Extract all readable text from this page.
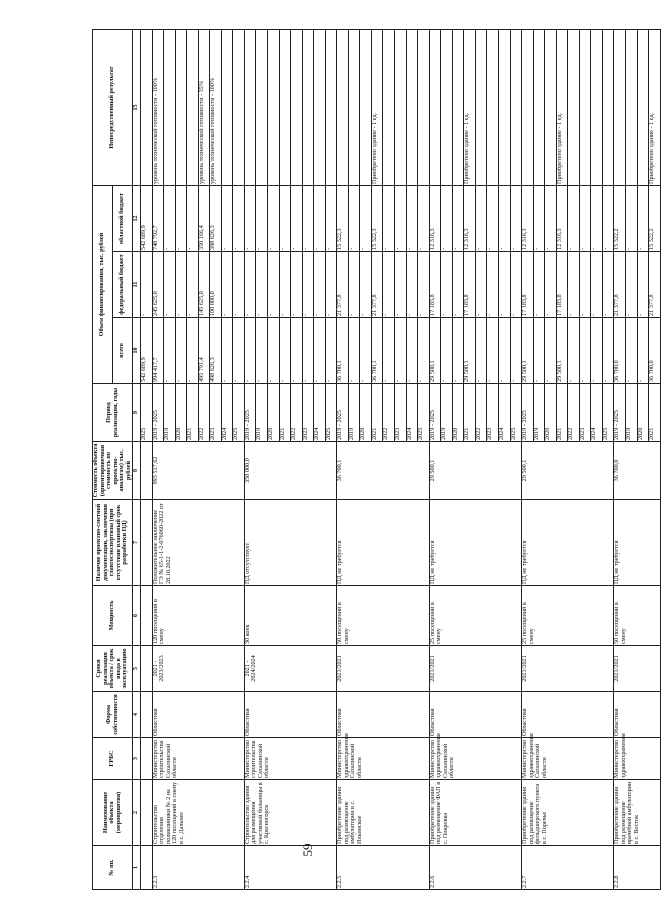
59
№ пп.	Наименование объекта (мероприятия)	ГРБС	Форма собственности	Сроки реализации объекта / срок ввода в эксплуатацию	Мощность	Наличие проектно-сметной документации, заключения главгосэкспертизы (при отсутствии плановый срок разработки ПД)	Стоимость объекта (ориентировочная стоимость по проектно-аналогам) тыс. рублей	Период реализации, годы	Объем финансирования, тыс. рублей			Непосредственный результат
									всего	федеральный бюджет	областной бюджет	
1	2	3	4	5	6	7	8	9	10	11	12	15
								2025	542 689,9	-	542 689,9	
2.2.3	Строительство отделения поликлиники № 2 на 120 посещений в смену в с. Дальнее	Министерство строительства Сахалинской области	Областная	2021 - 2023/2023	120 посещений в смену	Положительное заключение ГЭ № 65-1-1-2-076060-2022 от 28.10.2022	993 517,62	2019 - 2025	994 417,7	245 625,0	748 792,7	уровень технической готовности - 100%
								2019	-	-	-	
								2020	-	-	-	
								2021	-	-	-	
								2022	495 791,4	145 625,0	350 166,4	уровень технической готовности - 35%
								2023	498 626,3	100 000,0	398 626,3	уровень технической готовности - 100%
								2024	-	-	-	
								2025	-	-	-	
2.2.4	Строительство здания для размещения участковой больницы в с. Красногорск	Министерство строительства Сахалинской области	Областная	2021 - 2024/2024	30 коек	ПД отсутствует	350 000,0	2019 - 2025	-	-	-	
								2019	-	-	-	
								2020	-	-	-	
								2021	-	-	-	
								2022	-	-	-	
								2023	-	-	-	
								2024	-	-	-	
								2025	-	-	-	
2.2.5	Приобретение здания под размещение амбулатории в с. Ильинское	Министерство здравоохранения Сахалинской области	Областная	2021/2021	50 посещений в смену	ПД не требуется	36 700,1	2019 - 2025	36 700,1	21 377,8	15 322,3	
								2019	-	-	-	
								2020	-	-	-	
								2021	36 700,1	21 377,8	15 322,3	Приобретено здание - 1 ед.
								2022	-	-	-	
								2023	-	-	-	
								2024	-	-	-	
								2025	-	-	-	
2.2.6	Приобретение здания под размещение ФАП в с. Покровка	Министерство здравоохранения Сахалинской области	Областная	2021/2021	25 посещений в смену	ПД не требуется	29 500,1	2019 - 2025	29 500,1	17 183,8	12 316,3	
								2019	-	-	-	
								2020	-	-	-	
								2021	29 500,1	17 183,8	12 316,3	Приобретено здание - 1 ед.
								2022	-	-	-	
								2023	-	-	-	
								2024	-	-	-	
								2025	-	-	-	
2.2.7	Приобретение здания под размещение фельдшерского пункта в с. Поречье	Министерство здравоохранения Сахалинской области	Областная	2021/2021	25 посещений в смену	ПД не требуется	29 500,1	2019 - 2025	29 500,1	17 183,8	12 316,3	
								2019	-	-	-	
								2020	-	-	-	
								2021	29 500,1	17 183,8	12 316,3	Приобретено здание - 1 ед.
								2022	-	-	-	
								2023	-	-	-	
								2024	-	-	-	
								2025	-	-	-	
2.2.8	Приобретение здания под размещение врачебной амбулатории в с. Восток	Министерство здравоохранения	Областная	2021/2021	50 посещений в смену	ПД не требуется	36 700,0	2019 - 2025	36 700,0	21 377,8	15 322,2	
								2019	-	-	-	
								2020	-	-	-	
								2021	36 700,0	21 377,8	15 322,2	Приобретено здание - 1 ед.
